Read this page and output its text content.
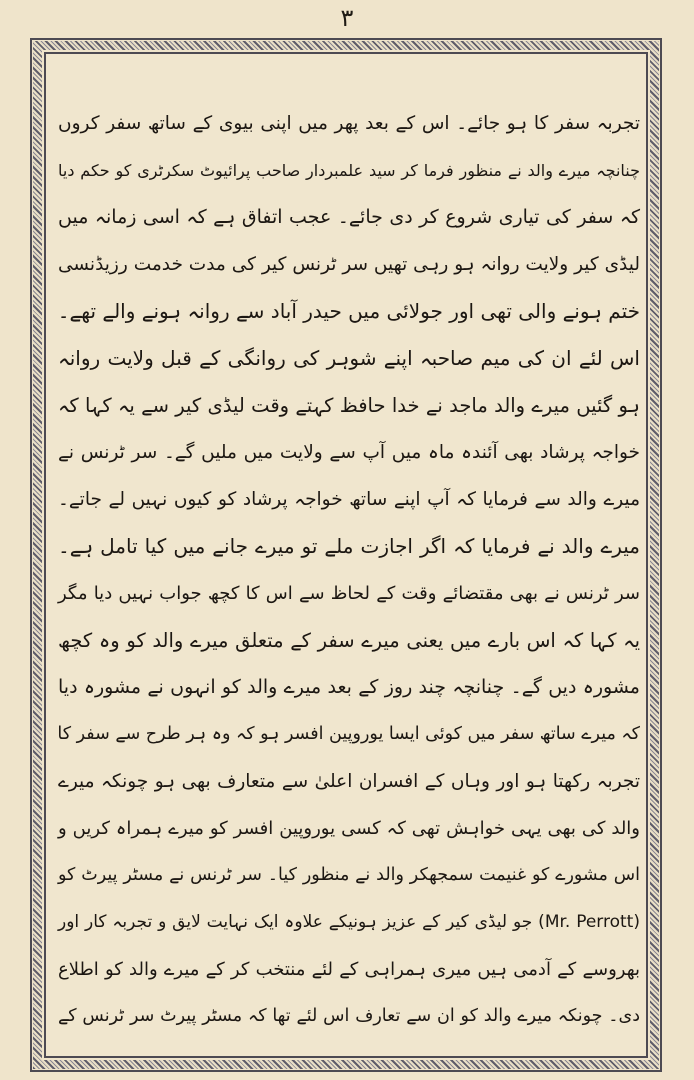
۳
تجربہ سفر کا ہو جائے۔ اس کے بعد پھر میں اپنی بیوی کے ساتھ سفر کروں
چنانچہ میرے والد نے منظور فرما کر سید علمبردار صاحب پرائیوٹ سکرٹری کو حکم دیا
کہ سفر کی تیاری شروع کر دی جائے۔ عجب اتفاق ہے کہ اسی زمانہ میں
لیڈی کیر ولایت روانہ ہو رہی تھیں سر ٹرنس کیر کی مدت خدمت رزیڈنسی
ختم ہونے والی تھی اور جولائی میں حیدر آباد سے روانہ ہونے والے تھے۔
اس لئے ان کی میم صاحبہ اپنے شوہر کی روانگی کے قبل ولایت روانہ
ہو گئیں میرے والد ماجد نے خدا حافظ کہتے وقت لیڈی کیر سے یہ کہا کہ
خواجہ پرشاد بھی آئندہ ماہ میں آپ سے ولایت میں ملیں گے۔ سر ٹرنس نے
میرے والد سے فرمایا کہ آپ اپنے ساتھ خواجہ پرشاد کو کیوں نہیں لے جاتے۔
میرے والد نے فرمایا کہ اگر اجازت ملے تو میرے جانے میں کیا تامل ہے۔
سر ٹرنس نے بھی مقتضائے وقت کے لحاظ سے اس کا کچھ جواب نہیں دیا مگر
یہ کہا کہ اس بارے میں یعنی میرے سفر کے متعلق میرے والد کو وہ کچھ
مشورہ دیں گے۔ چنانچہ چند روز کے بعد میرے والد کو انہوں نے مشورہ دیا
کہ میرے ساتھ سفر میں کوئی ایسا یوروپین افسر ہو کہ وہ ہر طرح سے سفر کا
تجربہ رکھتا ہو اور وہاں کے افسران اعلیٰ سے متعارف بھی ہو چونکہ میرے
والد کی بھی یہی خواہش تھی کہ کسی یوروپین افسر کو میرے ہمراہ کریں و
اس مشورے کو غنیمت سمجھکر والد نے منظور کیا۔ سر ٹرنس نے مسٹر پیرٹ کو
(Mr. Perrott) جو لیڈی کیر کے عزیز ہونیکے علاوہ ایک نہایت لایق و تجربہ کار اور
بھروسے کے آدمی ہیں میری ہمراہی کے لئے منتخب کر کے میرے والد کو اطلاع
دی۔ چونکہ میرے والد کو ان سے تعارف اس لئے تھا کہ مسٹر پیرٹ سر ٹرنس کے
